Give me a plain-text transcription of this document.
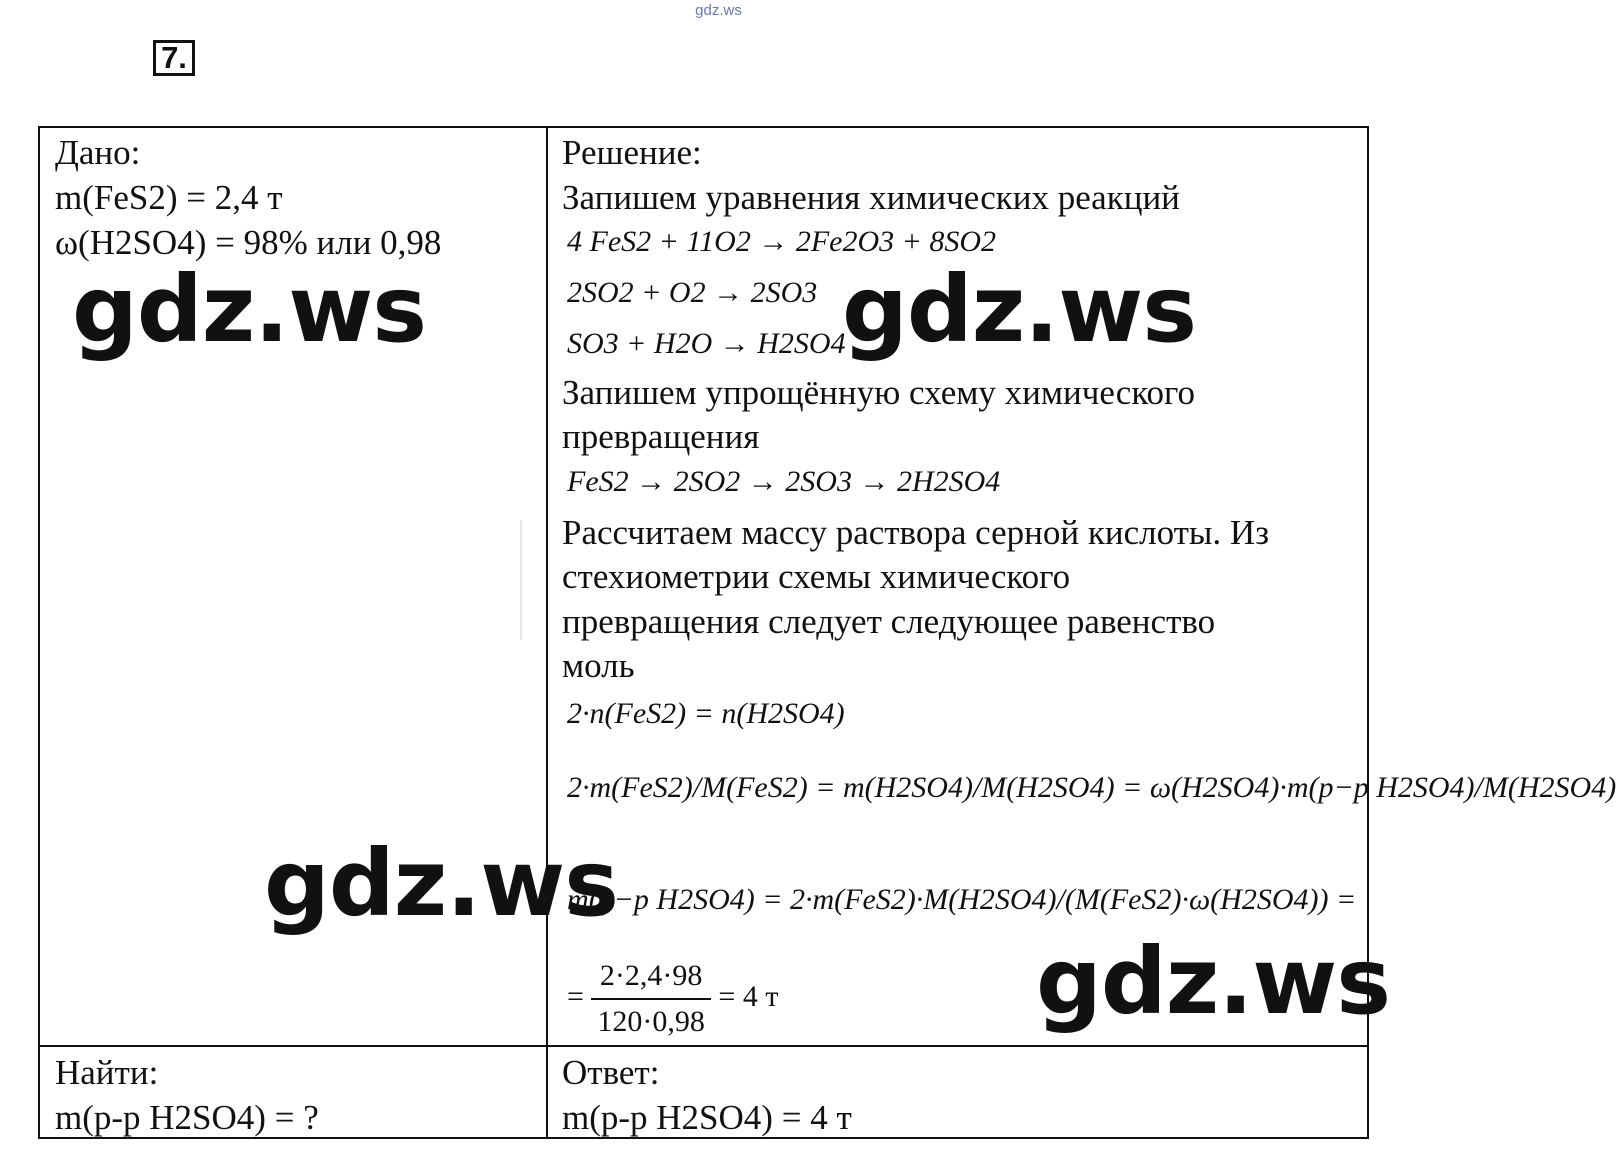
gdz.ws
7.
Дано:
m(FeS2) = 2,4 т
ω(H2SO4) = 98% или 0,98
Найти:
m(р-р H2SO4) = ?
Ответ:
m(р-р H2SO4) = 4 т
Решение:
Запишем уравнения химических реакций
4 FeS2 + 11O2 → 2Fe2O3 + 8SO2
2SO2 + O2 → 2SO3
SO3 + H2O → H2SO4
Запишем упрощённую схему химического
превращения
FeS2 → 2SO2 → 2SO3 → 2H2SO4
Рассчитаем массу раствора серной кислоты. Из
стехиометрии схемы химического
превращения следует следующее равенство
моль
2·n(FeS2) = n(H2SO4)
2·m(FeS2)/M(FeS2) = m(H2SO4)/M(H2SO4) = ω(H2SO4)·m(р−р H2SO4)/M(H2SO4)
m(р−р H2SO4) = 2·m(FeS2)·M(H2SO4)/(M(FeS2)·ω(H2SO4)) =
= $\frac{2\cdot 2,4\cdot 98}{120\cdot 0,98} = 4$ т
gdz.ws	gdz.ws
gdz.ws
gdz.ws
